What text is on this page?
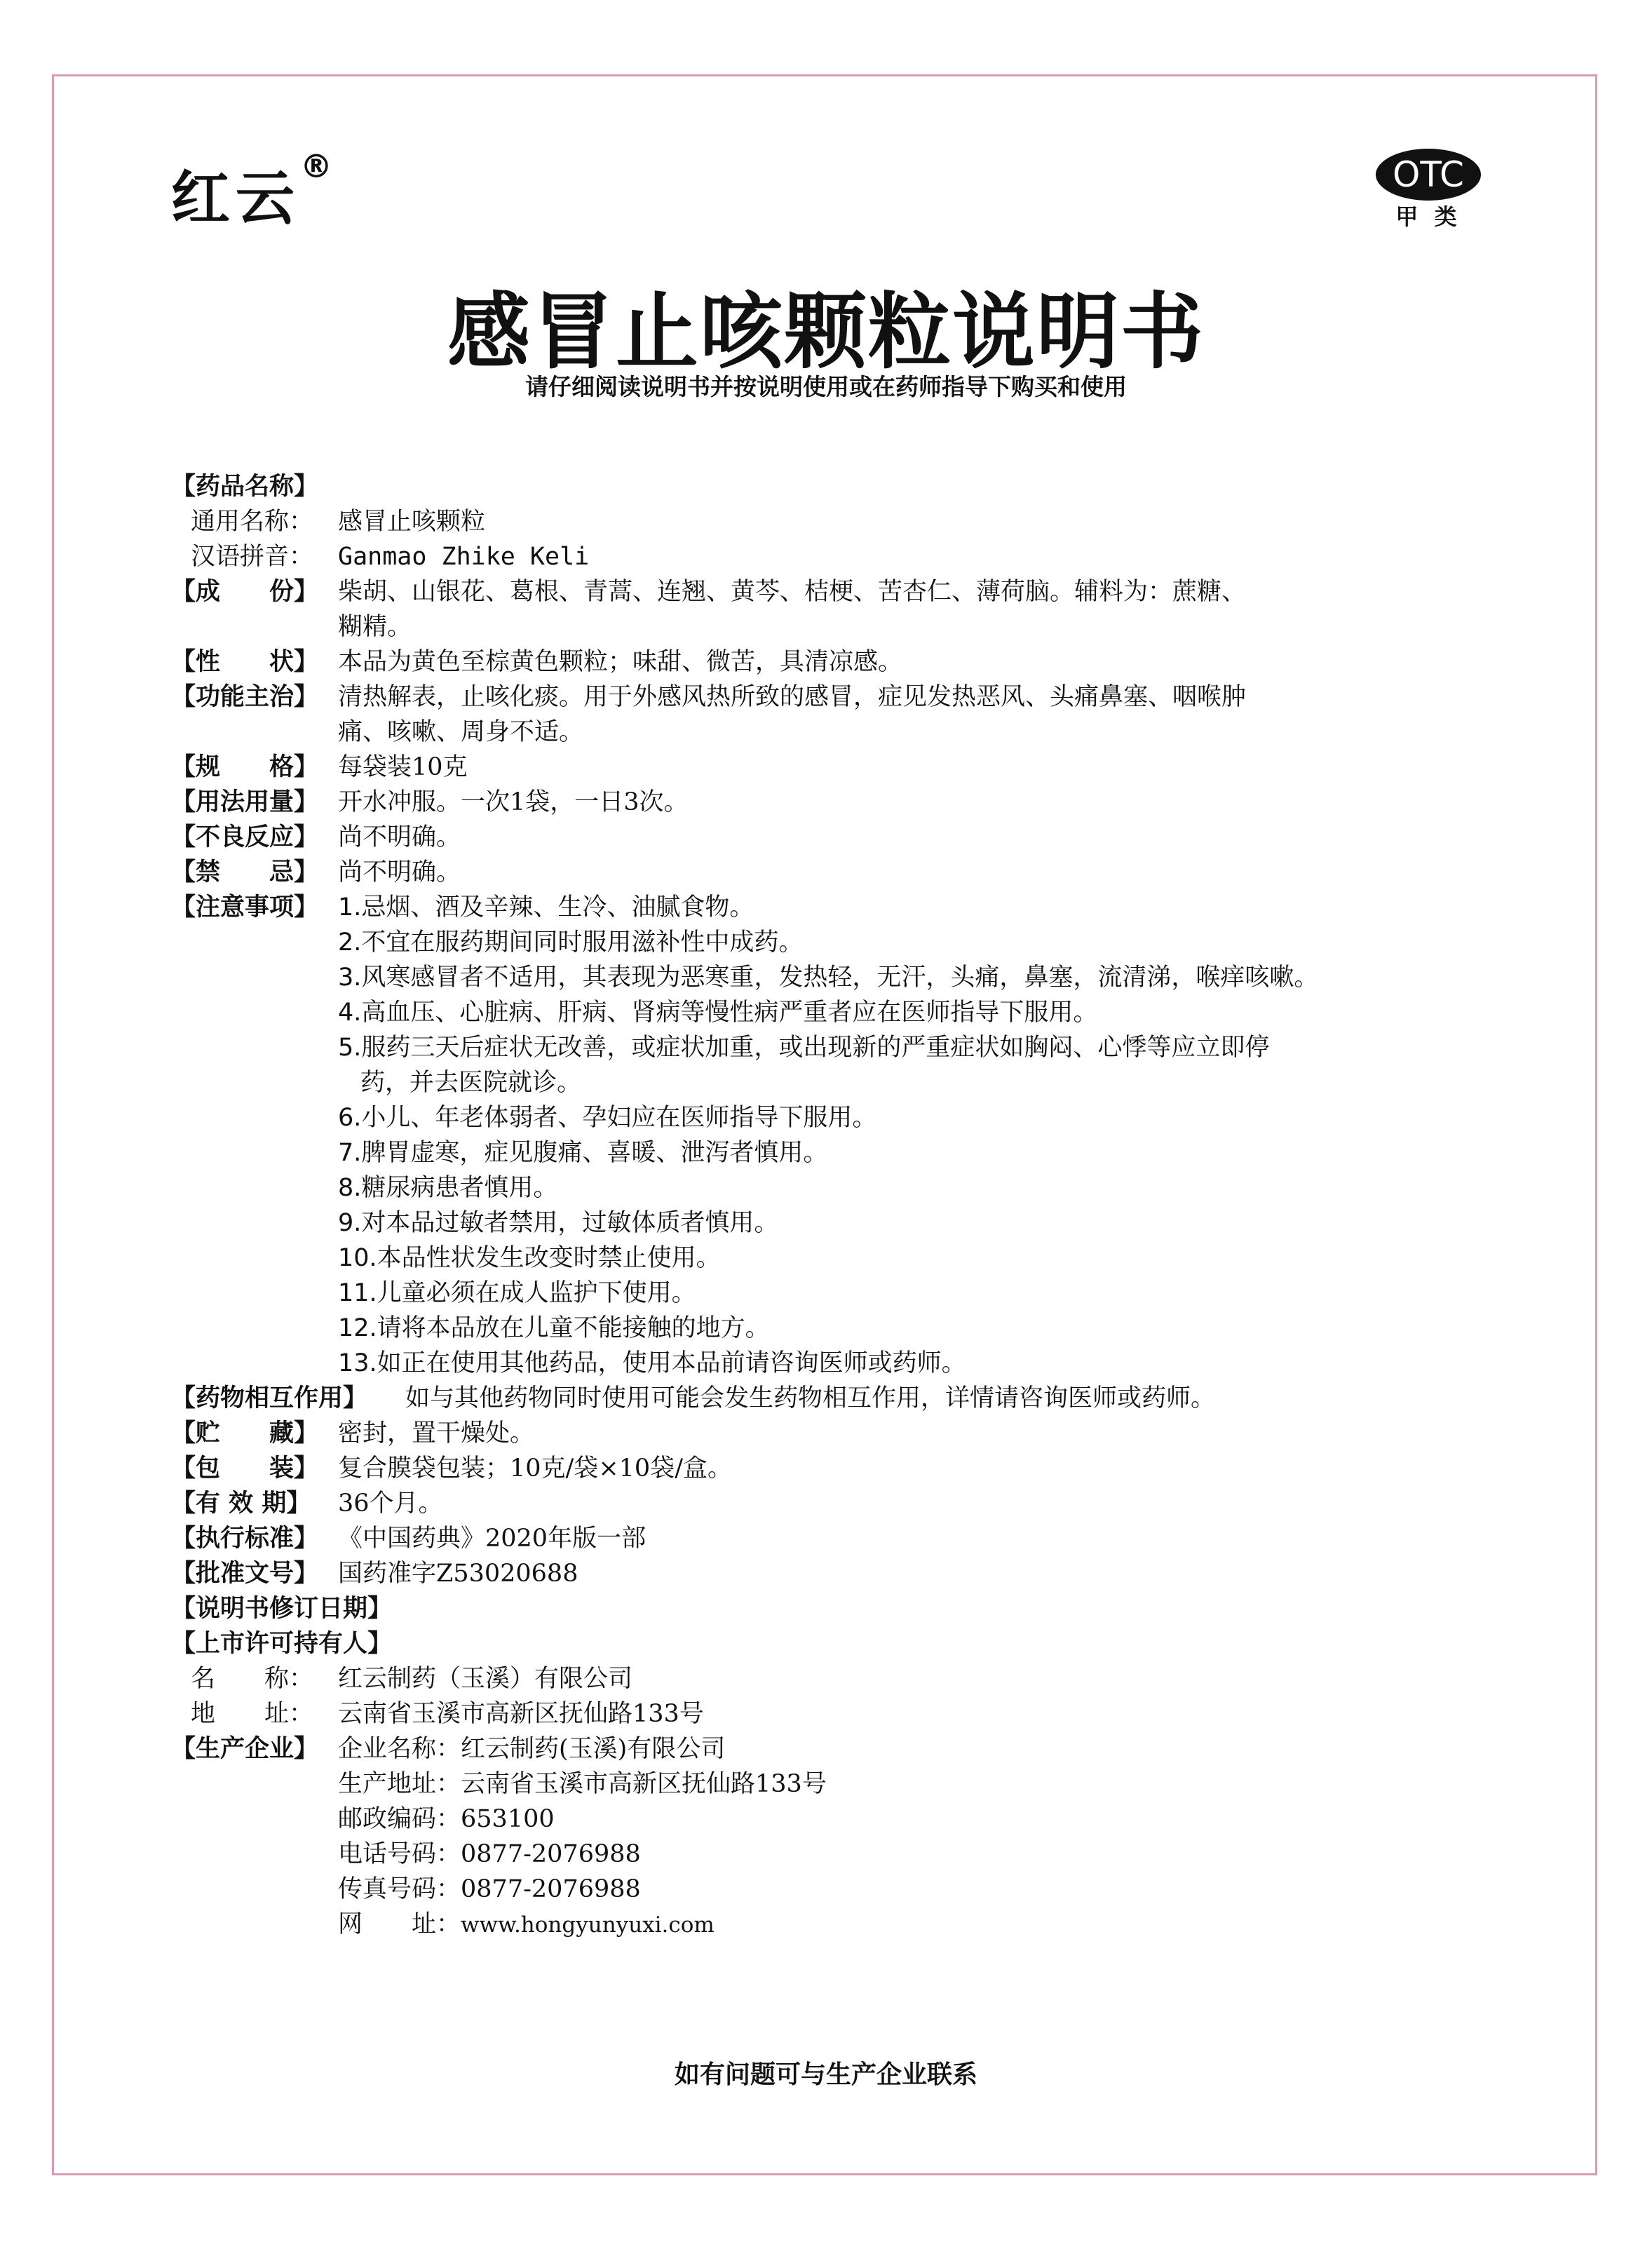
红云®	OTC
甲 类
感冒止咳颗粒说明书
请仔细阅读说明书并按说明使用或在药师指导下购买和使用
【药品名称】
通用名称： 感冒止咳颗粒
汉语拼音： Ganmao Zhike Keli
【成　　份】 柴胡、山银花、葛根、青蒿、连翘、黄芩、桔梗、苦杏仁、薄荷脑。辅料为：蔗糖、
糊精。
【性　　状】 本品为黄色至棕黄色颗粒；味甜、微苦，具清凉感。
【功能主治】 清热解表，止咳化痰。用于外感风热所致的感冒，症见发热恶风、头痛鼻塞、咽喉肿
痛、咳嗽、周身不适。
【规　　格】 每袋装10克
【用法用量】 开水冲服。一次1袋，一日3次。
【不良反应】 尚不明确。
【禁　　忌】 尚不明确。
【注意事项】 1.忌烟、酒及辛辣、生冷、油腻食物。
2.不宜在服药期间同时服用滋补性中成药。
3.风寒感冒者不适用，其表现为恶寒重，发热轻，无汗，头痛，鼻塞，流清涕，喉痒咳嗽。
4.高血压、心脏病、肝病、肾病等慢性病严重者应在医师指导下服用。
5.服药三天后症状无改善，或症状加重，或出现新的严重症状如胸闷、心悸等应立即停
药，并去医院就诊。
6.小儿、年老体弱者、孕妇应在医师指导下服用。
7.脾胃虚寒，症见腹痛、喜暖、泄泻者慎用。
8.糖尿病患者慎用。
9.对本品过敏者禁用，过敏体质者慎用。
10.本品性状发生改变时禁止使用。
11.儿童必须在成人监护下使用。
12.请将本品放在儿童不能接触的地方。
13.如正在使用其他药品，使用本品前请咨询医师或药师。
【药物相互作用】 如与其他药物同时使用可能会发生药物相互作用，详情请咨询医师或药师。
【贮　　藏】 密封，置干燥处。
【包　　装】 复合膜袋包装；10克/袋×10袋/盒。
【有 效 期】 36个月。
【执行标准】 《中国药典》2020年版一部
【批准文号】 国药准字Z53020688
【说明书修订日期】
【上市许可持有人】
名　　称： 红云制药（玉溪）有限公司
地　　址： 云南省玉溪市高新区抚仙路133号
【生产企业】 企业名称：红云制药(玉溪)有限公司
生产地址：云南省玉溪市高新区抚仙路133号
邮政编码：653100
电话号码：0877-2076988
传真号码：0877-2076988
网　　址：www.hongyunyuxi.com
如有问题可与生产企业联系
